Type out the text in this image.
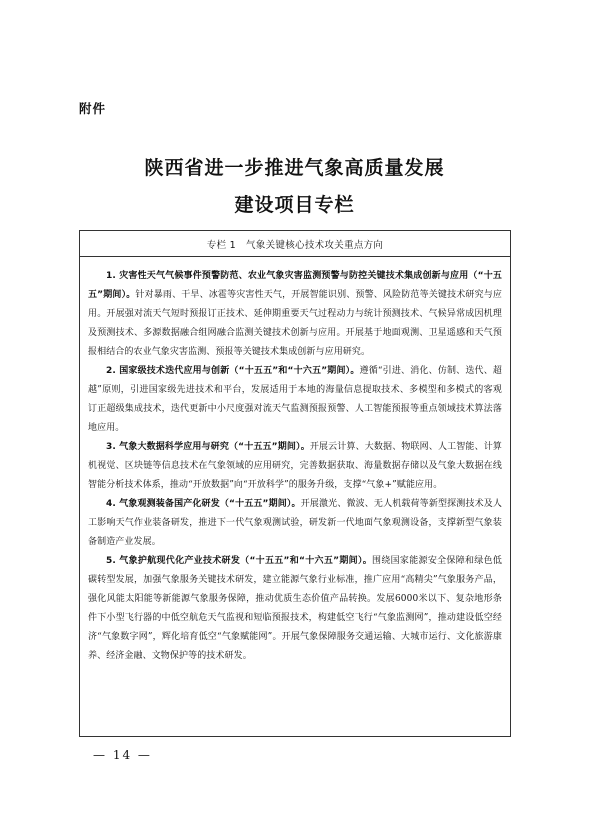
附件
陕西省进一步推进气象高质量发展
建设项目专栏
专栏 1 气象关键核心技术攻关重点方向

1. 灾害性天气气候事件预警防范、农业气象灾害监测预警与防控关键技术集成创新与应用（“十五五”期间）。针对暴雨、干旱、冰雹等灾害性天气，开展智能识别、预警、风险防范等关键技术研究与应用。开展强对流天气短时预报订正技术、延伸期重要天气过程动力与统计预测技术、气候异常成因机理及预测技术、多源数据融合组网融合监测关键技术创新与应用。开展基于地面观测、卫星遥感和天气预报相结合的农业气象灾害监测、预报等关键技术集成创新与应用研究。

2. 国家级技术迭代应用与创新（“十五五”和“十六五”期间）。遵循“引进、消化、仿制、迭代、超越”原则，引进国家级先进技术和平台，发展适用于本地的海量信息提取技术、多模型和多模式的客观订正超级集成技术，迭代更新中小尺度强对流天气监测预报预警、人工智能预报等重点领域技术算法落地应用。

3. 气象大数据科学应用与研究（“十五五”期间）。开展云计算、大数据、物联网、人工智能、计算机视觉、区块链等信息技术在气象领域的应用研究，完善数据获取、海量数据存储以及气象大数据在线智能分析技术体系，推动“开放数据”向“开放科学”的服务升级，支撑“气象+”赋能应用。

4. 气象观测装备国产化研发（“十五五”期间）。开展激光、微波、无人机载荷等新型探测技术及人工影响天气作业装备研发，推进下一代气象观测试验，研发新一代地面气象观测设备，支撑新型气象装备制造产业发展。

5. 气象护航现代化产业技术研发（“十五五”和“十六五”期间）。围绕国家能源安全保障和绿色低碳转型发展，加强气象服务关键技术研发，建立能源气象行业标准，推广应用“高精尖”气象服务产品，强化风能太阳能等新能源气象服务保障，推动优质生态价值产品转换。发展6000米以下、复杂地形条件下小型飞行器的中低空航危天气监视和短临预报技术，构建低空飞行“气象监测网”，推动建设低空经济“气象数字网”，辉化培育低空“气象赋能网”。开展气象保障服务交通运输、大城市运行、文化旅游康养、经济金融、文物保护等的技术研发。

— 14 —
